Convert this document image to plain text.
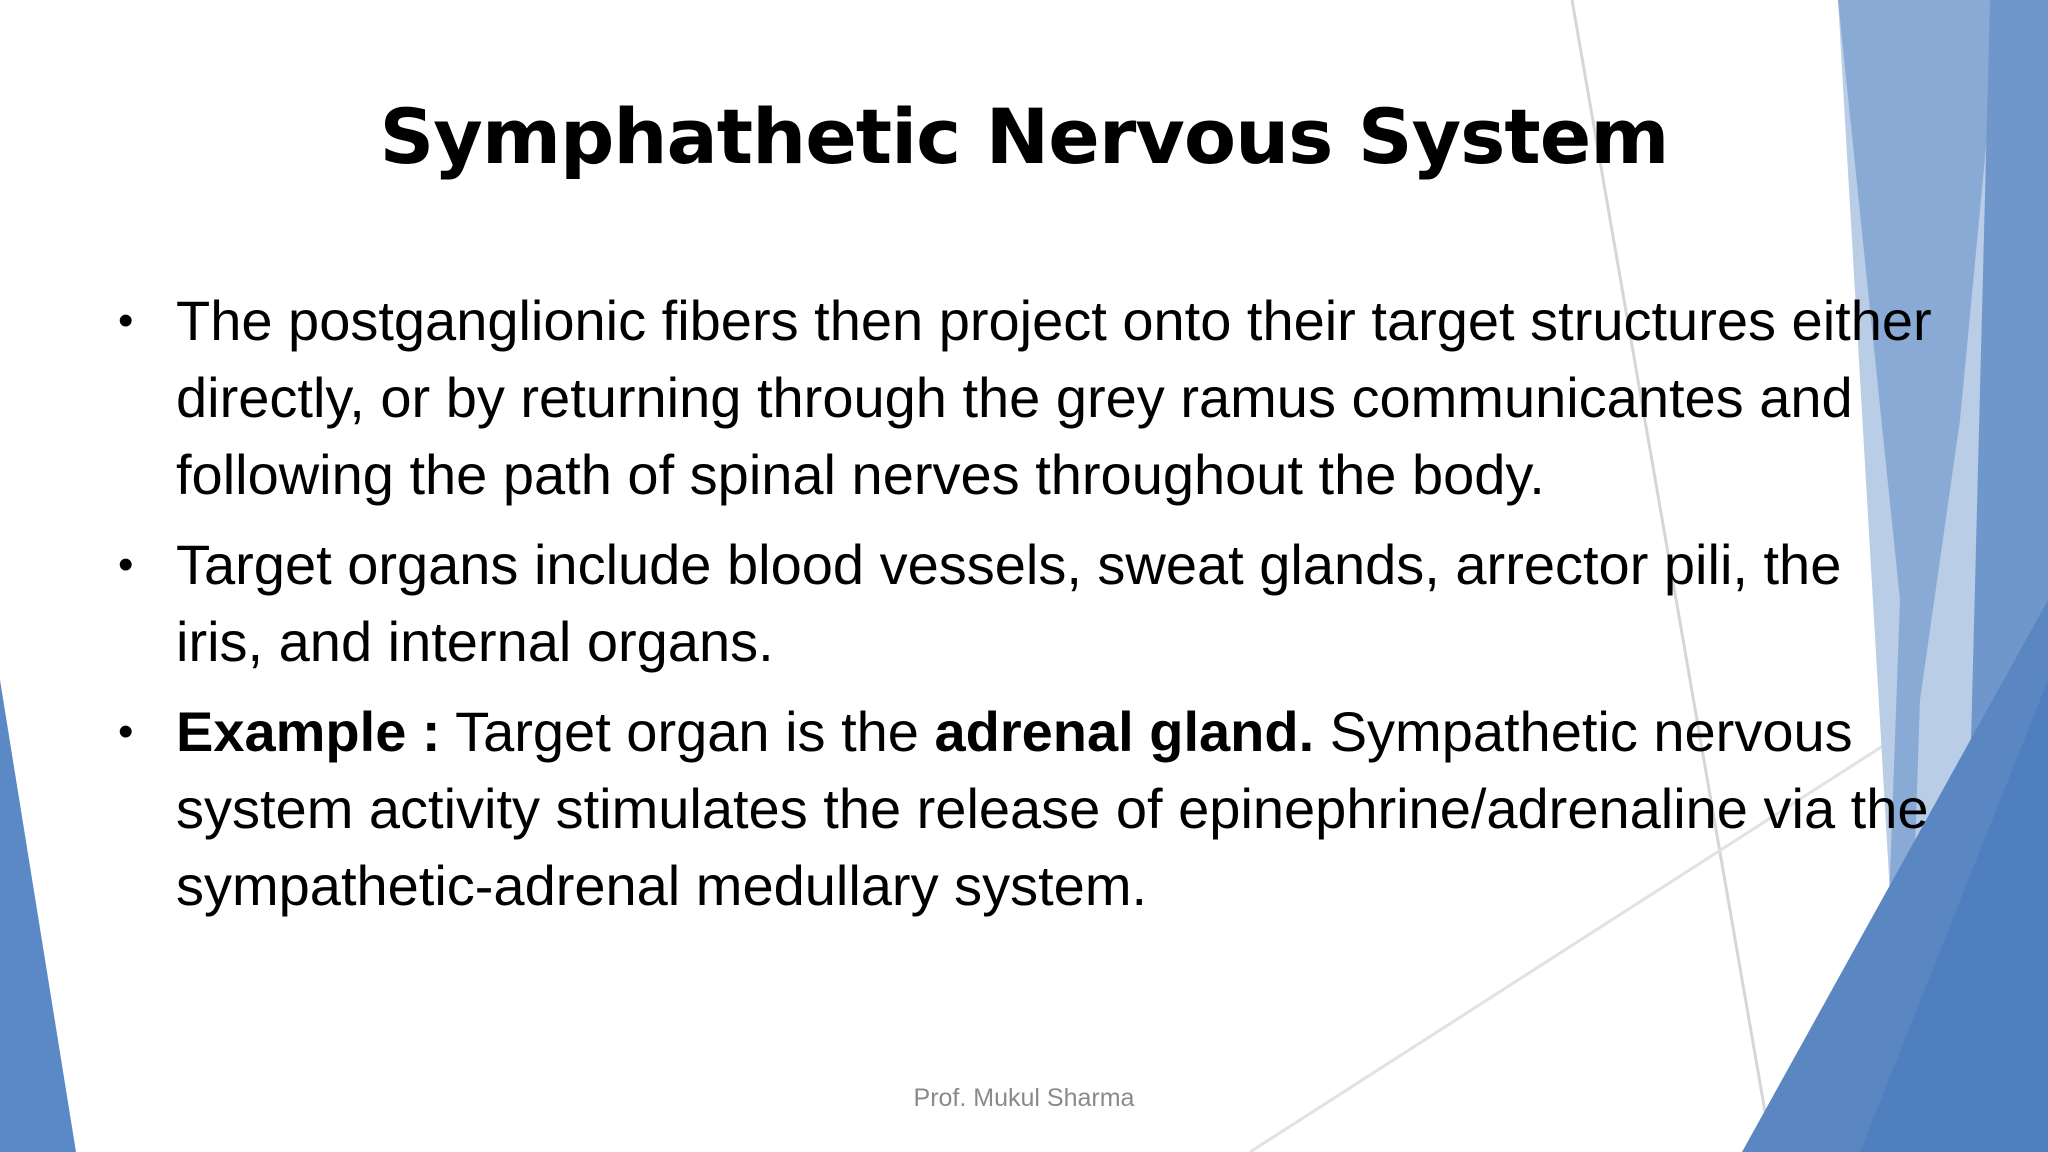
Symphathetic Nervous System
• The postganglionic fibers then project onto their target structures either directly, or by returning through the grey ramus communicantes and following the path of spinal nerves throughout the body.
• Target organs include blood vessels, sweat glands, arrector pili, the iris, and internal organs.
• Example : Target organ is the adrenal gland. Sympathetic nervous system activity stimulates the release of epinephrine/adrenaline via the sympathetic-adrenal medullary system.
Prof. Mukul Sharma
